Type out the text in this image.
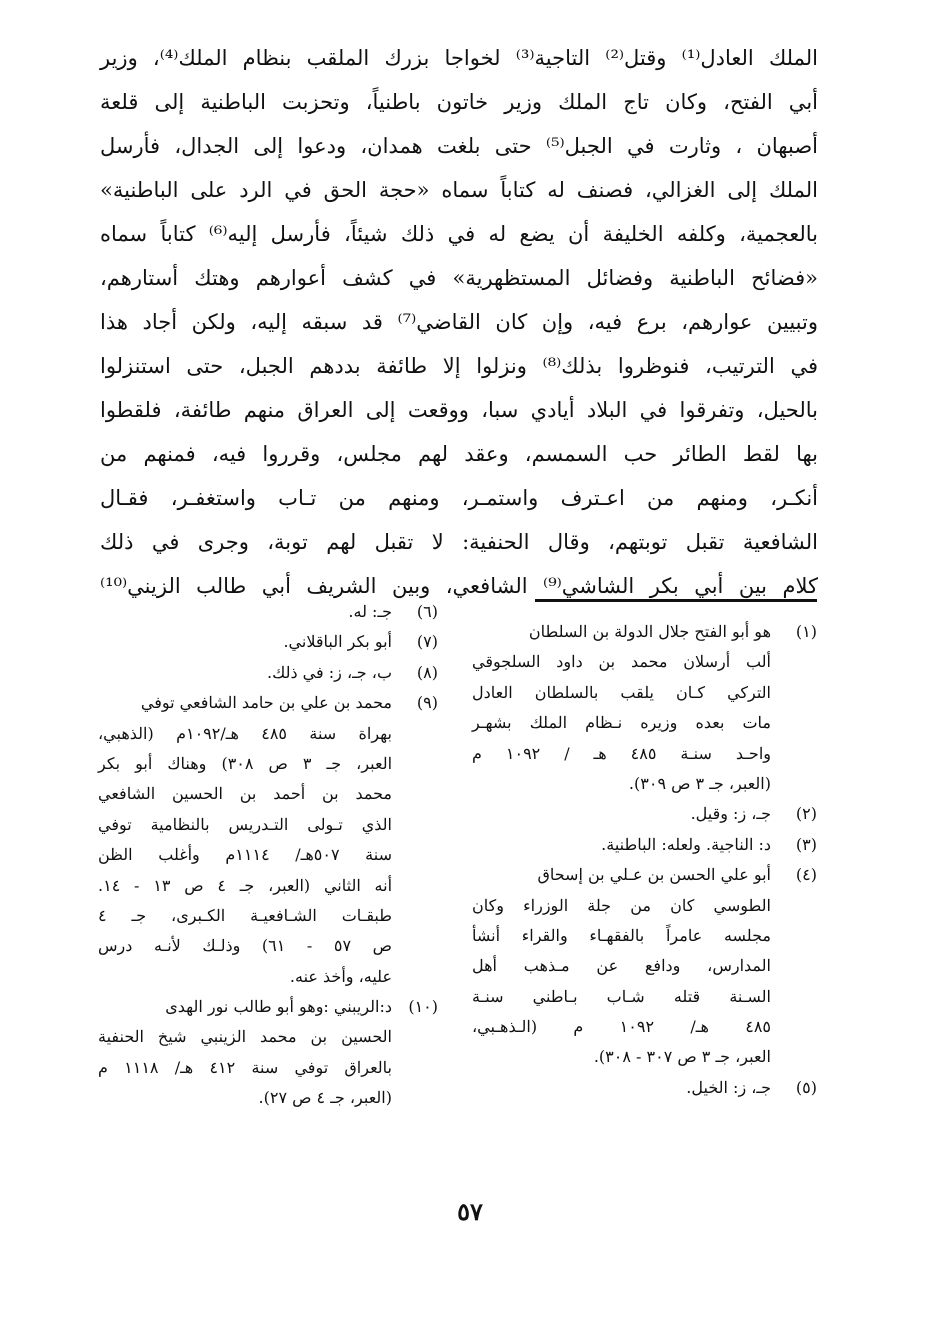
الملك العادل⁽¹⁾ وقتل⁽²⁾ التاجية⁽³⁾ لخواجا بزرك الملقب بنظام الملك⁽⁴⁾، وزير
أبي الفتح، وكان تاج الملك وزير خاتون باطنياً، وتحزبت الباطنية إلى قلعة
أصبهان ، وثارت في الجبل⁽⁵⁾ حتى بلغت همدان، ودعوا إلى الجدال، فأرسل
الملك إلى الغزالي، فصنف له كتاباً سماه «حجة الحق في الرد على الباطنية»
بالعجمية، وكلفه الخليفة أن يضع له في ذلك شيئاً، فأرسل إليه⁽⁶⁾ كتاباً سماه
«فضائح الباطنية وفضائل المستظهرية» في كشف أعوارهم وهتك أستارهم،
وتبيين عوارهم، برع فيه، وإن كان القاضي⁽⁷⁾ قد سبقه إليه، ولكن أجاد هذا
في الترتيب، فنوظروا بذلك⁽⁸⁾ ونزلوا إلا طائفة بددهم الجبل، حتى استنزلوا
بالحيل، وتفرقوا في البلاد أيادي سبا، ووقعت إلى العراق منهم طائفة، فلقطوا
بها لقط الطائر حب السمسم، وعقد لهم مجلس، وقرروا فيه، فمنهم من
أنكـر، ومنهم من اعـترف واستمـر، ومنهم من تـاب واستغفـر، فقـال
الشافعية تقبل توبتهم، وقال الحنفية: لا تقبل لهم توبة، وجرى في ذلك
كلام بين أبي بكر الشاشي⁽⁹⁾ الشافعي، وبين الشريف أبي طالب الزيني⁽¹⁰⁾
(١)هو أبو الفتح جلال الدولة بن السلطان
ألب أرسلان محمد بن داود السلجوقي
التركي كـان يلقب بالسلطان العادل
مات بعده وزيره نـظام الملك بشهـر
واحـد سنـة ٤٨٥ هـ / ١٠٩٢ م
(العبر، جـ ٣ ص ٣٠٩).
(٢)جـ، ز: وقيل.
(٣)د: الناجية. ولعله: الباطنية.
(٤)أبو علي الحسن بن عـلي بن إسحاق
الطوسي كان من جلة الوزراء وكان
مجلسه عامراً بالفقهـاء والقراء أنشأ
المدارس، ودافع عن مـذهب أهل
السـنة قتله شـاب بـاطني سنـة
٤٨٥ هـ/ ١٠٩٢ م (الـذهـبي،
العبر، جـ ٣ ص ٣٠٧ - ٣٠٨).
(٥)جـ، ز: الخيل.
(٦)جـ: له.
(٧)أبو بكر الباقلاني.
(٨)ب، جـ، ز: في ذلك.
(٩)محمد بن علي بن حامد الشافعي توفي
بهراة سنة ٤٨٥ هـ/١٠٩٢م (الذهبي،
العبر، جـ ٣ ص ٣٠٨) وهناك أبو بكر
محمد بن أحمد بن الحسين الشافعي
الذي تـولى التـدريس بالنظامية توفي
سنة ٥٠٧هـ/ ١١١٤م وأغلب الظن
أنه الثاني (العبر، جـ ٤ ص ١٣ - ١٤.
طبقـات الشـافعيـة الكـبرى، جـ ٤
ص ٥٧ - ٦١) وذلـك لأنـه درس
عليه، وأخذ عنه.
(١٠)د:الريبني :وهو أبو طالب نور الهدى
الحسين بن محمد الزينبي شيخ الحنفية
بالعراق توفي سنة ٤١٢ هـ/ ١١١٨ م
(العبر، جـ ٤ ص ٢٧).
٥٧
